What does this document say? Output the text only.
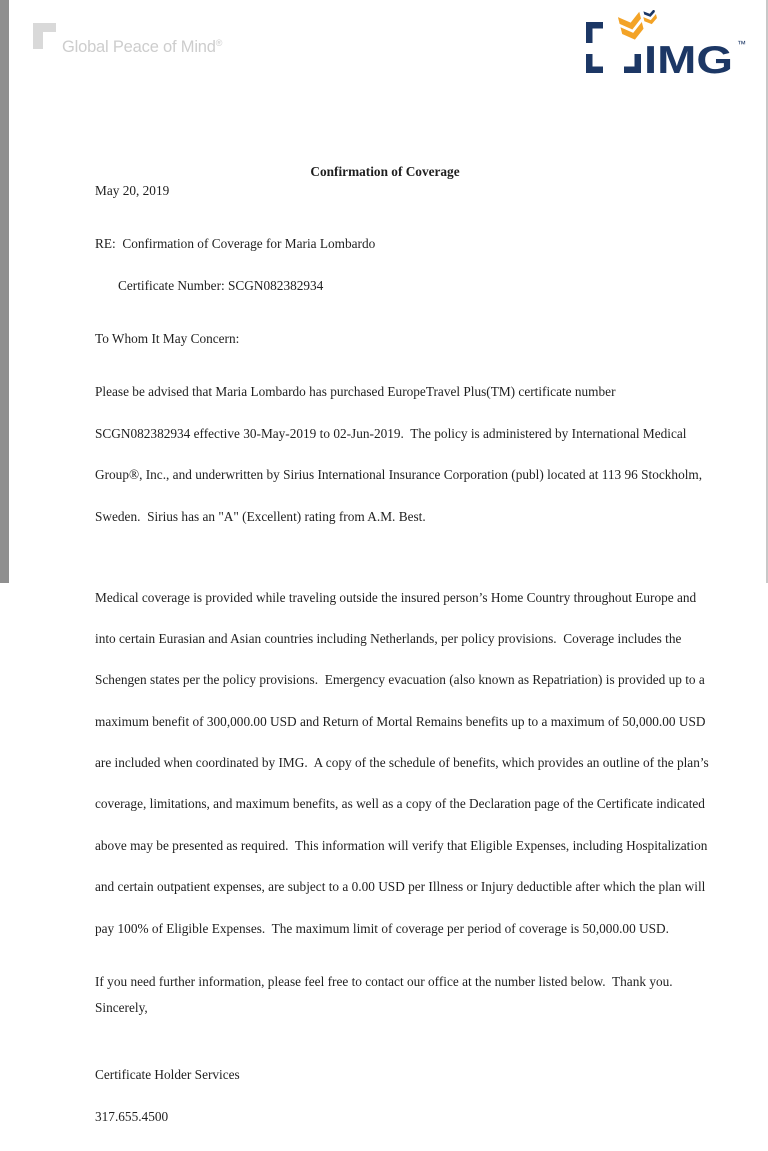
Global Peace of Mind®	IMG ™
Confirmation of Coverage
May 20, 2019

RE:  Confirmation of Coverage for Maria Lombardo

Certificate Number: SCGN082382934

To Whom It May Concern:

Please be advised that Maria Lombardo has purchased EuropeTravel Plus(TM) certificate number

SCGN082382934 effective 30-May-2019 to 02-Jun-2019.  The policy is administered by International Medical

Group®, Inc., and underwritten by Sirius International Insurance Corporation (publ) located at 113 96 Stockholm,

Sweden.  Sirius has an "A" (Excellent) rating from A.M. Best.

Medical coverage is provided while traveling outside the insured person’s Home Country throughout Europe and

into certain Eurasian and Asian countries including Netherlands, per policy provisions.  Coverage includes the

Schengen states per the policy provisions.  Emergency evacuation (also known as Repatriation) is provided up to a

maximum benefit of 300,000.00 USD and Return of Mortal Remains benefits up to a maximum of 50,000.00 USD

are included when coordinated by IMG.  A copy of the schedule of benefits, which provides an outline of the plan’s

coverage, limitations, and maximum benefits, as well as a copy of the Declaration page of the Certificate indicated

above may be presented as required.  This information will verify that Eligible Expenses, including Hospitalization

and certain outpatient expenses, are subject to a 0.00 USD per Illness or Injury deductible after which the plan will

pay 100% of Eligible Expenses.  The maximum limit of coverage per period of coverage is 50,000.00 USD.

If you need further information, please feel free to contact our office at the number listed below.  Thank you.
Sincerely,

Certificate Holder Services

317.655.4500
